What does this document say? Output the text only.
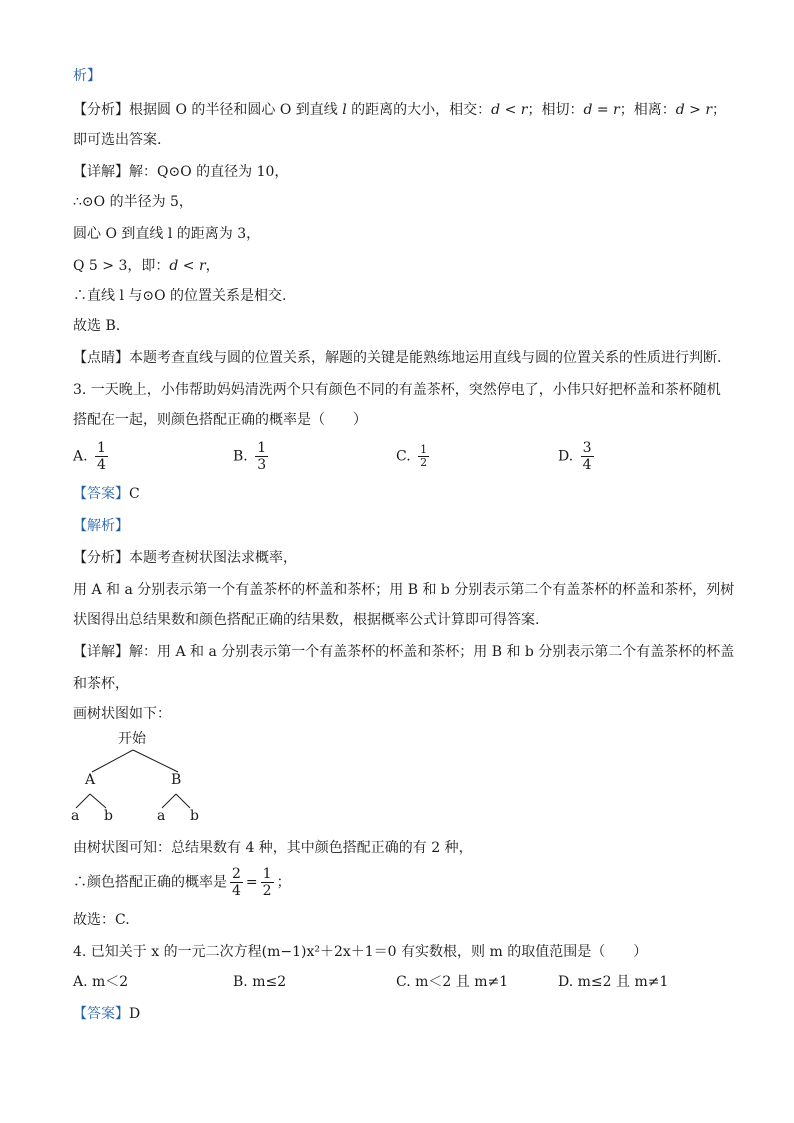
析】
【分析】根据圆 O 的半径和圆心 O 到直线 l 的距离的大小，相交：d < r；相切：d = r；相离：d > r；
即可选出答案.
【详解】解：Q⊙O 的直径为 10，
∴⊙O 的半径为 5，
圆心 O 到直线 l 的距离为 3，
Q 5 > 3，即：d < r，
∴直线 l 与⊙O 的位置关系是相交.
故选 B.
【点睛】本题考查直线与圆的位置关系，解题的关键是能熟练地运用直线与圆的位置关系的性质进行判断.
3. 一天晚上，小伟帮助妈妈清洗两个只有颜色不同的有盖茶杯，突然停电了，小伟只好把杯盖和茶杯随机
搭配在一起，则颜色搭配正确的概率是（　　）
A. $\frac{1}{4}$	B. $\frac{1}{3}$	C. $\frac{1}{2}$	D. $\frac{3}{4}$
【答案】C
【解析】
【分析】本题考查树状图法求概率，
用 A 和 a 分别表示第一个有盖茶杯的杯盖和茶杯；用 B 和 b 分别表示第二个有盖茶杯的杯盖和茶杯，列树
状图得出总结果数和颜色搭配正确的结果数，根据概率公式计算即可得答案.
【详解】解：用 A 和 a 分别表示第一个有盖茶杯的杯盖和茶杯；用 B 和 b 分别表示第二个有盖茶杯的杯盖
和茶杯，
画树状图如下：
开始
A	B
a b	a b
由树状图可知：总结果数有 4 种，其中颜色搭配正确的有 2 种，
∴颜色搭配正确的概率是 $\frac{2}{4} = \frac{1}{2}$ ；
故选：C.
4. 已知关于 x 的一元二次方程(m−1)x²＋2x＋1＝0 有实数根，则 m 的取值范围是（　　）
A. m＜2	B. m≤2	C. m＜2 且 m≠1	D. m≤2 且 m≠1
【答案】D
